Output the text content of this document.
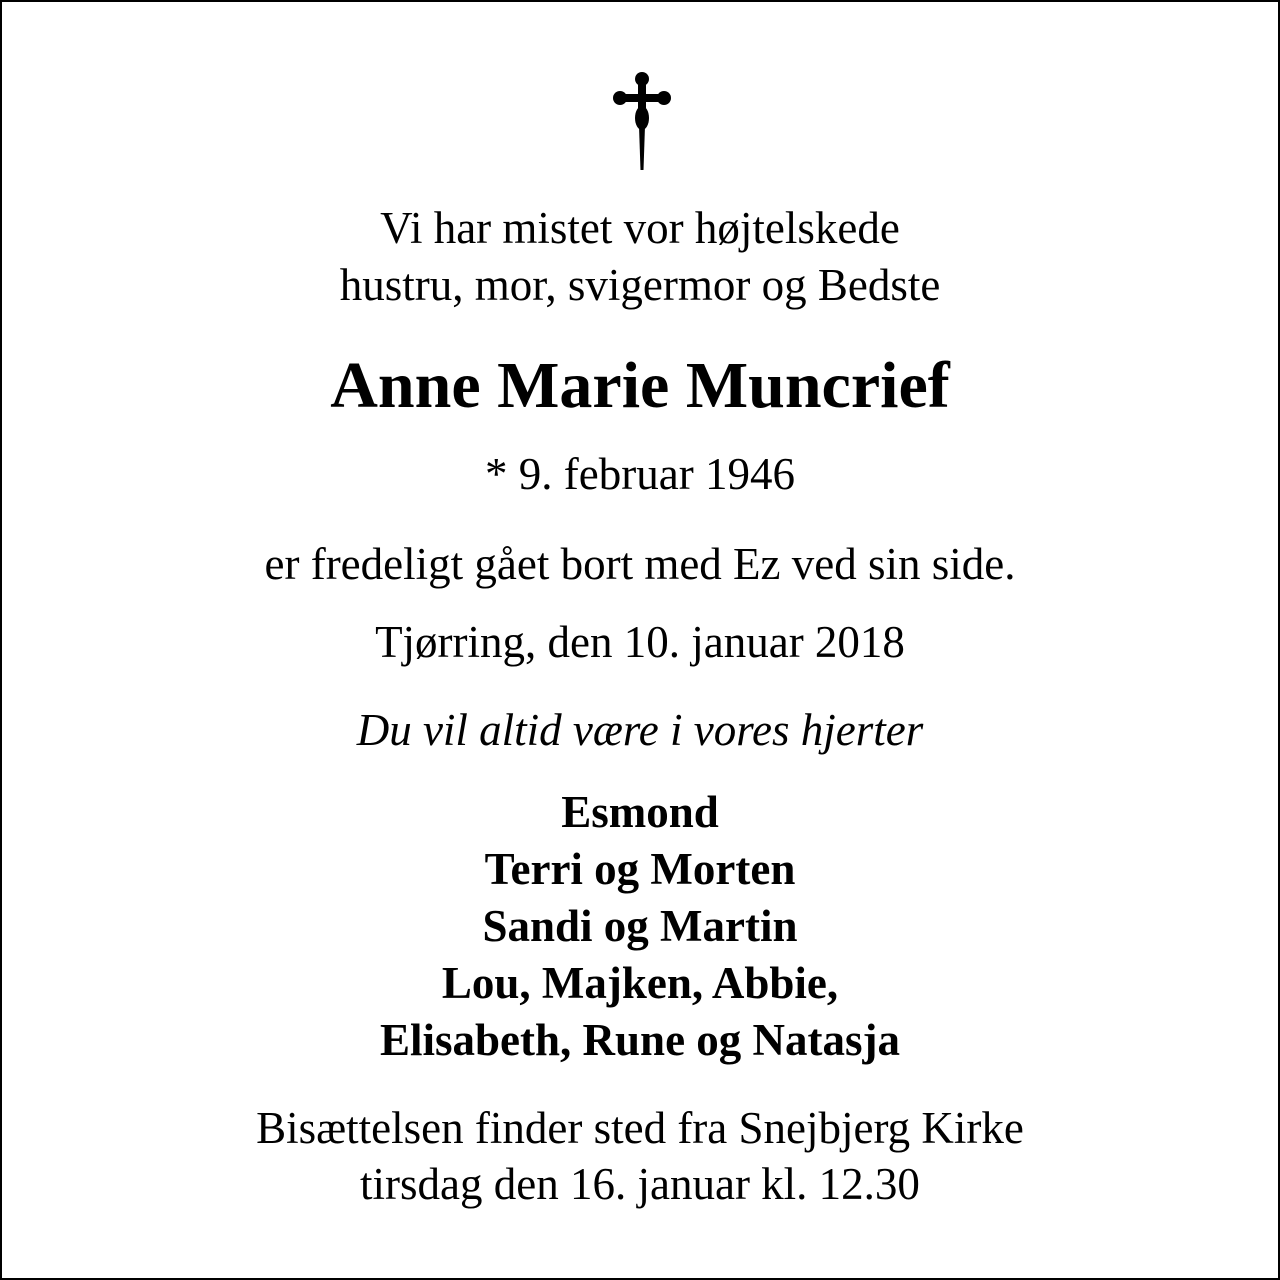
Vi har mistet vor højtelskede
hustru, mor, svigermor og Bedste
Anne Marie Muncrief
* 9. februar 1946
er fredeligt gået bort med Ez ved sin side.
Tjørring, den 10. januar 2018
Du vil altid være i vores hjerter
Esmond
Terri og Morten
Sandi og Martin
Lou, Majken, Abbie,
Elisabeth, Rune og Natasja
Bisættelsen finder sted fra Snejbjerg Kirke
tirsdag den 16. januar kl. 12.30
